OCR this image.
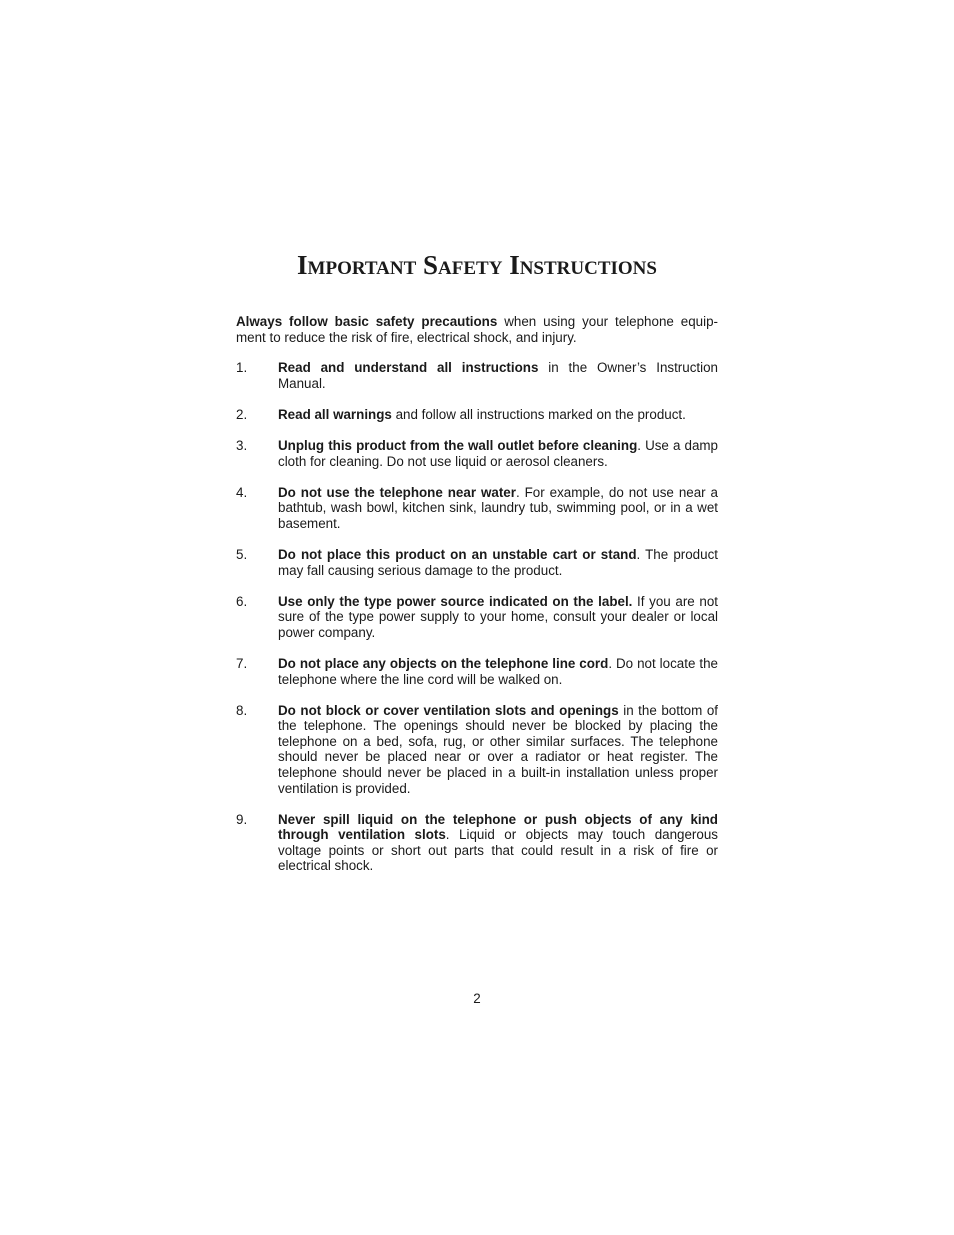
Important Safety Instructions

Always follow basic safety precautions when using your telephone equip- ment to reduce the risk of fire, electrical shock, and injury.

1.	Read and understand all instructions in the Owner’s Instruction Manual.
2.	Read all warnings and follow all instructions marked on the product.
3.	Unplug this product from the wall outlet before cleaning. Use a damp cloth for cleaning. Do not use liquid or aerosol cleaners.
4.	Do not use the telephone near water. For example, do not use near a bathtub, wash bowl, kitchen sink, laundry tub, swimming pool, or in a wet basement.
5.	Do not place this product on an unstable cart or stand. The product may fall causing serious damage to the product.
6.	Use only the type power source indicated on the label. If you are not sure of the type power supply to your home, consult your dealer or local power company.
7.	Do not place any objects on the telephone line cord. Do not locate the telephone where the line cord will be walked on.
8.	Do not block or cover ventilation slots and openings in the bottom of the telephone. The openings should never be blocked by placing the telephone on a bed, sofa, rug, or other similar surfaces. The telephone should never be placed near or over a radiator or heat register. The telephone should never be placed in a built-in installation unless proper ventilation is provided.
9.	Never spill liquid on the telephone or push objects of any kind through ventilation slots. Liquid or objects may touch dangerous voltage points or short out parts that could result in a risk of fire or electrical shock.
2
